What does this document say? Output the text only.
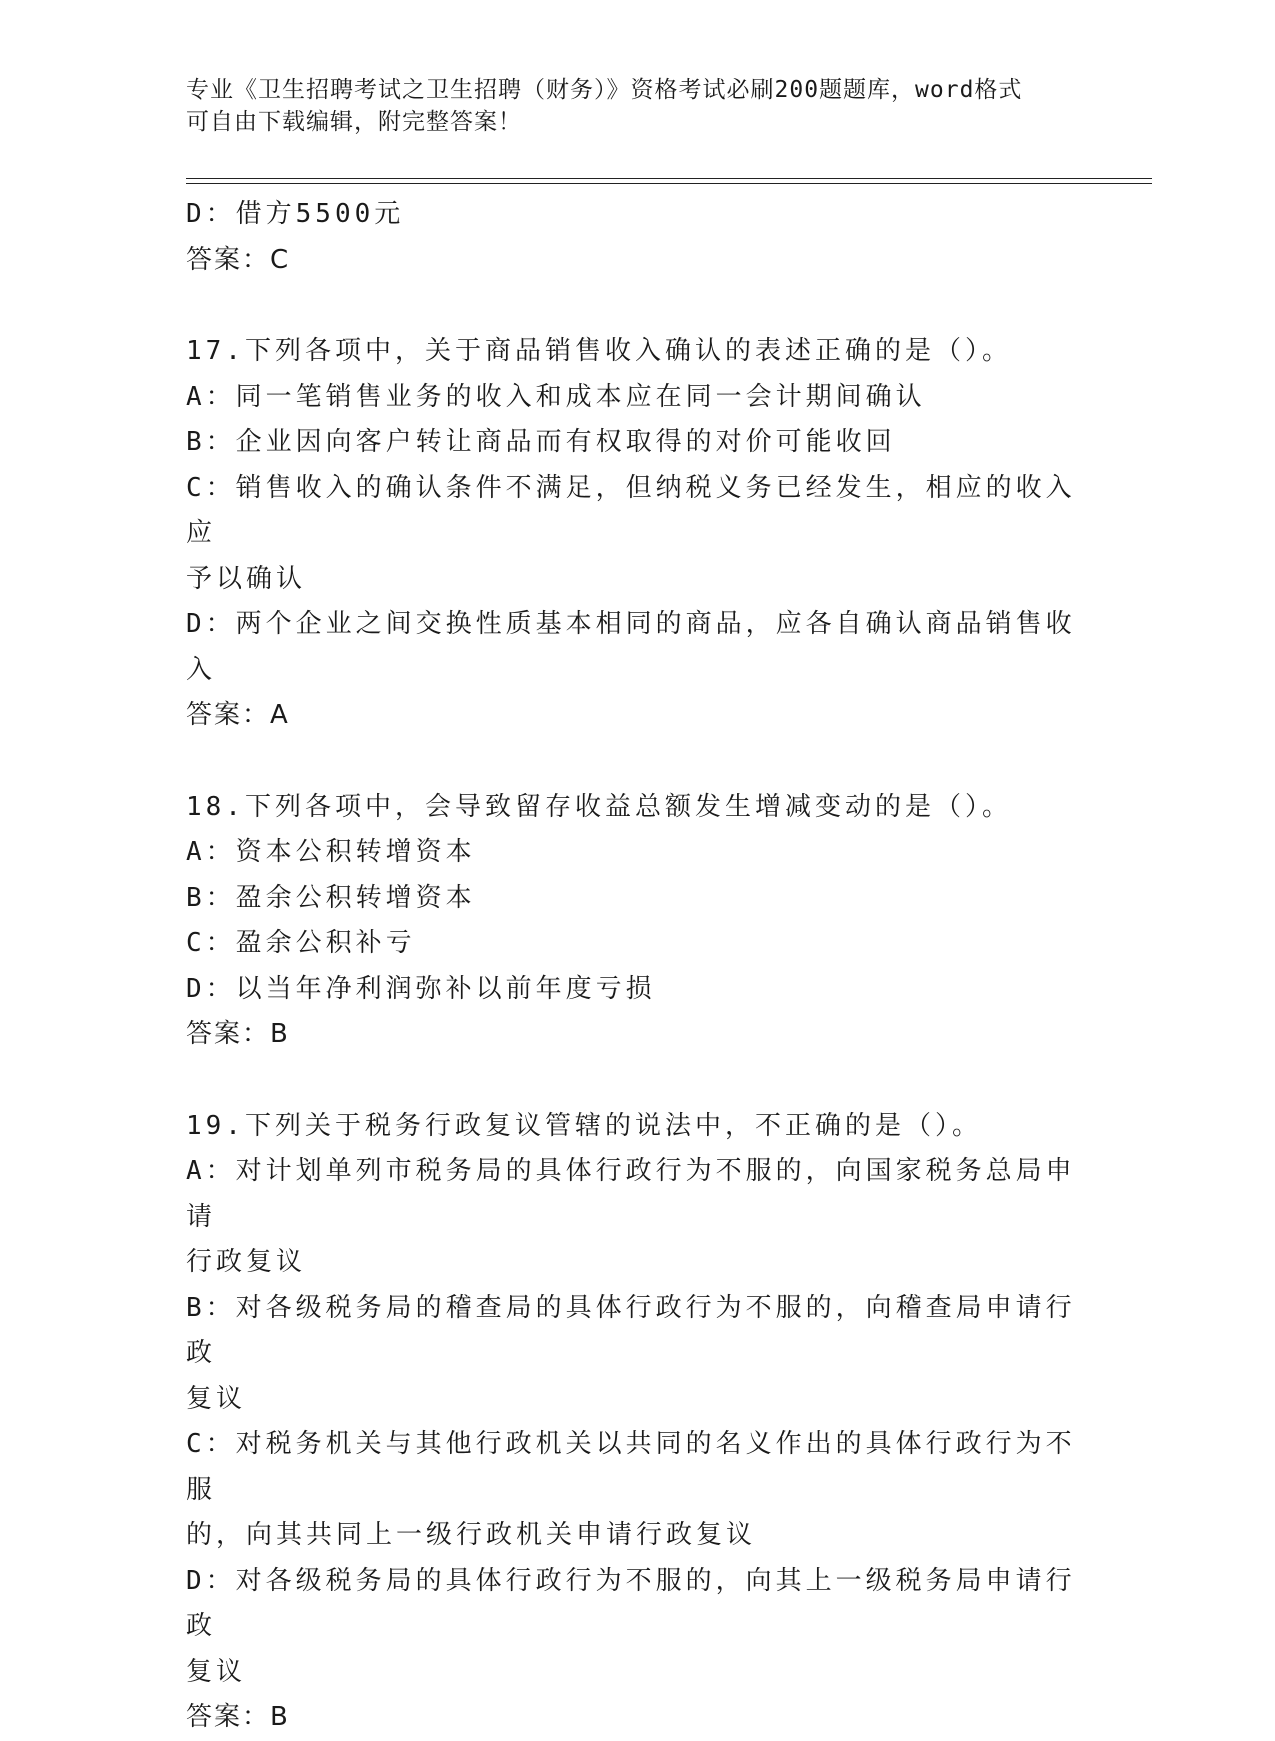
专业《卫生招聘考试之卫生招聘（财务）》资格考试必刷200题题库，word格式
可自由下载编辑，附完整答案！
D：借方5500元
答案：C
17.下列各项中，关于商品销售收入确认的表述正确的是（）。
A：同一笔销售业务的收入和成本应在同一会计期间确认
B：企业因向客户转让商品而有权取得的对价可能收回
C：销售收入的确认条件不满足，但纳税义务已经发生，相应的收入应
予以确认
D：两个企业之间交换性质基本相同的商品，应各自确认商品销售收入
答案：A
18.下列各项中，会导致留存收益总额发生增减变动的是（）。
A：资本公积转增资本
B：盈余公积转增资本
C：盈余公积补亏
D：以当年净利润弥补以前年度亏损
答案：B
19.下列关于税务行政复议管辖的说法中，不正确的是（）。
A：对计划单列市税务局的具体行政行为不服的，向国家税务总局申请
行政复议
B：对各级税务局的稽查局的具体行政行为不服的，向稽查局申请行政
复议
C：对税务机关与其他行政机关以共同的名义作出的具体行政行为不服
的，向其共同上一级行政机关申请行政复议
D：对各级税务局的具体行政行为不服的，向其上一级税务局申请行政
复议
答案：B
